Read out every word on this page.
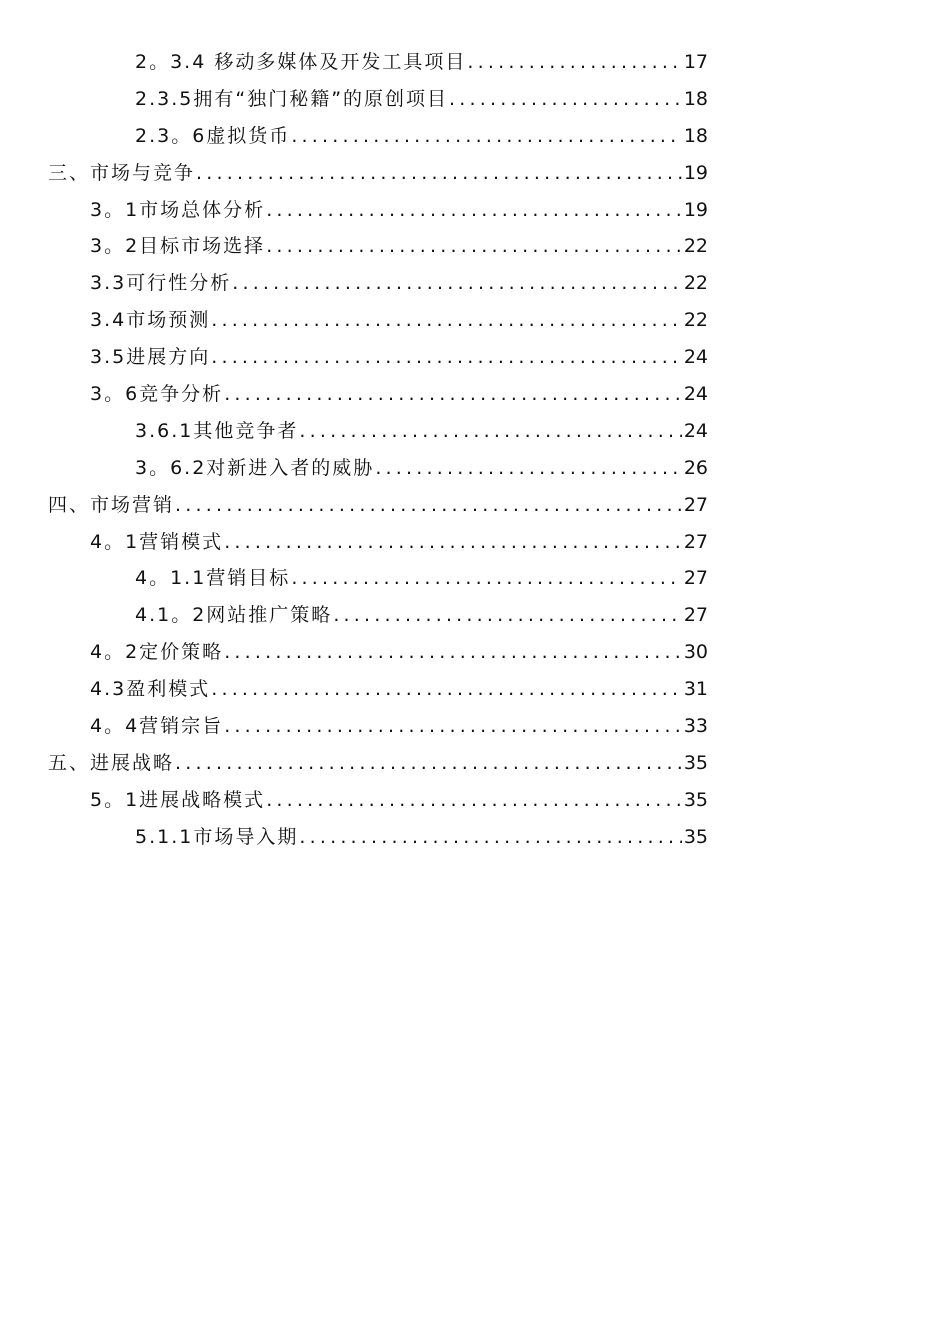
2。3.4 移动多媒体及开发工具项目 .....	17
2.3.5拥有“独门秘籍”的原创项目 .....	18
2.3。6虚拟货币 .....	18
三、市场与竞争 .....	19
3。1市场总体分析 .....	19
3。2目标市场选择 .....	22
3.3可行性分析 .....	22
3.4市场预测 .....	22
3.5进展方向 .....	24
3。6竞争分析 .....	24
3.6.1其他竞争者 .....	24
3。6.2对新进入者的威胁 .....	26
四、市场营销 .....	27
4。1营销模式 .....	27
4。1.1营销目标 .....	27
4.1。2网站推广策略 .....	27
4。2定价策略 .....	30
4.3盈利模式 .....	31
4。4营销宗旨 .....	33
五、进展战略 .....	35
5。1进展战略模式 .....	35
5.1.1市场导入期 .....	35
